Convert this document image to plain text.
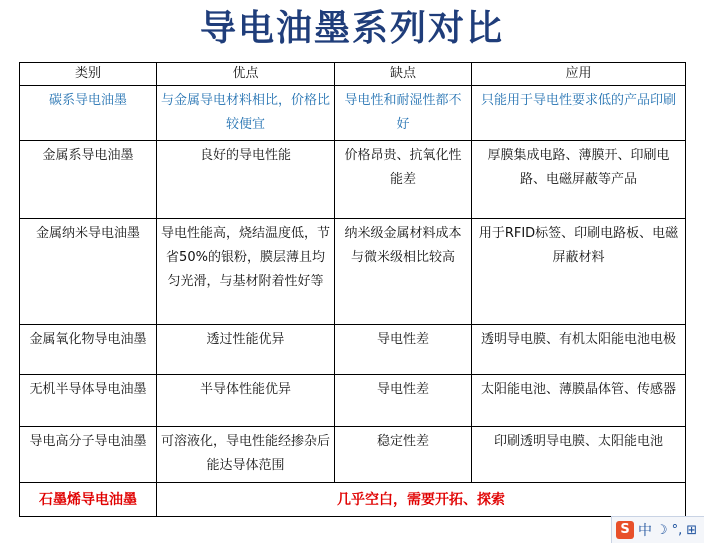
导电油墨系列对比
类别	优点	缺点	应用
碳系导电油墨	与金属导电材料相比，价格比较便宜	导电性和耐湿性都不好	只能用于导电性要求低的产品印刷
金属系导电油墨	良好的导电性能	价格昂贵、抗氧化性能差	厚膜集成电路、薄膜开、印刷电路、电磁屏蔽等产品
金属纳米导电油墨	导电性能高，烧结温度低，节省50%的银粉，膜层薄且均匀光滑，与基材附着性好等	纳米级金属材料成本与微米级相比较高	用于RFID标签、印刷电路板、电磁屏蔽材料
金属氧化物导电油墨	透过性能优异	导电性差	透明导电膜、有机太阳能电池电极
无机半导体导电油墨	半导体性能优异	导电性差	太阳能电池、薄膜晶体管、传感器
导电高分子导电油墨	可溶液化，导电性能经掺杂后能达导体范围	稳定性差	印刷透明导电膜、太阳能电池
石墨烯导电油墨	几乎空白，需要开拓、探索		
S 中 ☽ °, ⊞
